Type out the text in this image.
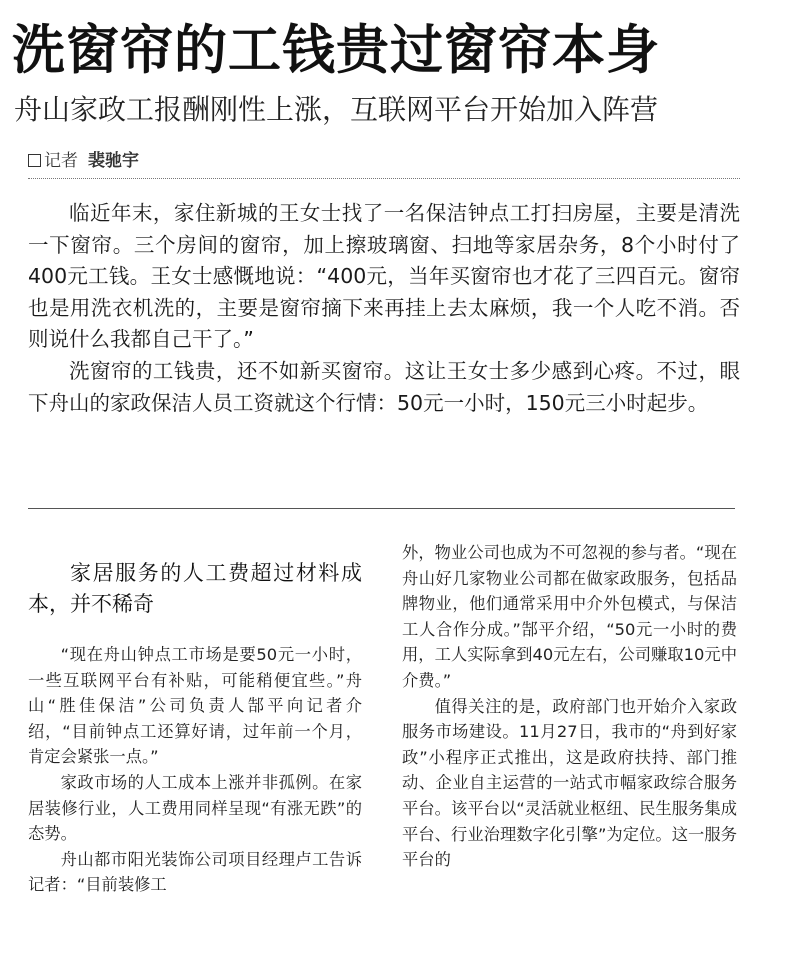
洗窗帘的工钱贵过窗帘本身
舟山家政工报酬刚性上涨，互联网平台开始加入阵营
记者 裴驰宇

临近年末，家住新城的王女士找了一名保洁钟点工打扫房屋，主要是清洗一下窗帘。三个房间的窗帘，加上擦玻璃窗、扫地等家居杂务，8个小时付了400元工钱。王女士感慨地说：“400元，当年买窗帘也才花了三四百元。窗帘也是用洗衣机洗的，主要是窗帘摘下来再挂上去太麻烦，我一个人吃不消。否则说什么我都自己干了。”

洗窗帘的工钱贵，还不如新买窗帘。这让王女士多少感到心疼。不过，眼下舟山的家政保洁人员工资就这个行情：50元一小时，150元三小时起步。

家居服务的人工费超过材料成本，并不稀奇

“现在舟山钟点工市场是要50元一小时，一些互联网平台有补贴，可能稍便宜些。”舟山“胜佳保洁”公司负责人郜平向记者介绍，“目前钟点工还算好请，过年前一个月，肯定会紧张一点。”

家政市场的人工成本上涨并非孤例。在家居装修行业，人工费用同样呈现“有涨无跌”的态势。

舟山都市阳光装饰公司项目经理卢工告诉记者：“目前装修工

外，物业公司也成为不可忽视的参与者。“现在舟山好几家物业公司都在做家政服务，包括品牌物业，他们通常采用中介外包模式，与保洁工人合作分成。”郜平介绍，“50元一小时的费用，工人实际拿到40元左右，公司赚取10元中介费。”

值得关注的是，政府部门也开始介入家政服务市场建设。11月27日，我市的“舟到好家政”小程序正式推出，这是政府扶持、部门推动、企业自主运营的一站式市幅家政综合服务平台。该平台以“灵活就业枢纽、民生服务集成平台、行业治理数字化引擎”为定位。这一服务平台的
